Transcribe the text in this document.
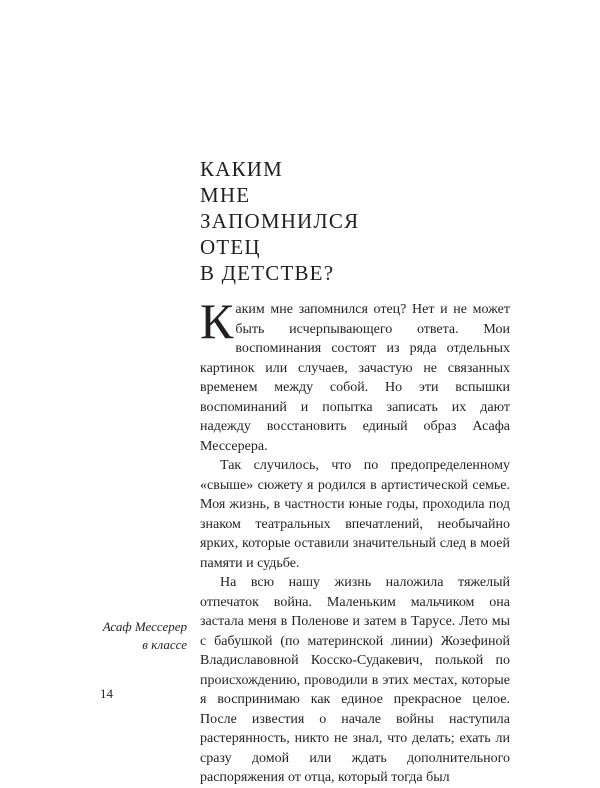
КАКИМ
МНЕ
ЗАПОМНИЛСЯ
ОТЕЦ
В ДЕТСТВЕ?

Каким мне запомнился отец? Нет и не может быть исчерпывающего ответа. Мои воспоминания состоят из ряда отдельных картинок или случаев, зачастую не связанных временем между собой. Но эти вспышки воспоминаний и попытка записать их дают надежду восстановить единый образ Асафа Мессерера.

Так случилось, что по предопределенному «свыше» сюжету я родился в артистической семье. Моя жизнь, в частности юные годы, проходила под знаком театральных впечатлений, необычайно ярких, которые оставили значительный след в моей памяти и судьбе.

На всю нашу жизнь наложила тяжелый отпечаток война. Маленьким мальчиком она застала меня в Поленове и затем в Тарусе. Лето мы с бабушкой (по материнской линии) Жозефиной Владиславовной Косско-Судакевич, полькой по происхождению, проводили в этих местах, которые я воспринимаю как единое прекрасное целое. После известия о начале войны наступила растерянность, никто не знал, что делать; ехать ли сразу домой или ждать дополнительного распоряжения от отца, который тогда был

Асаф Мессерер
в классе
14
